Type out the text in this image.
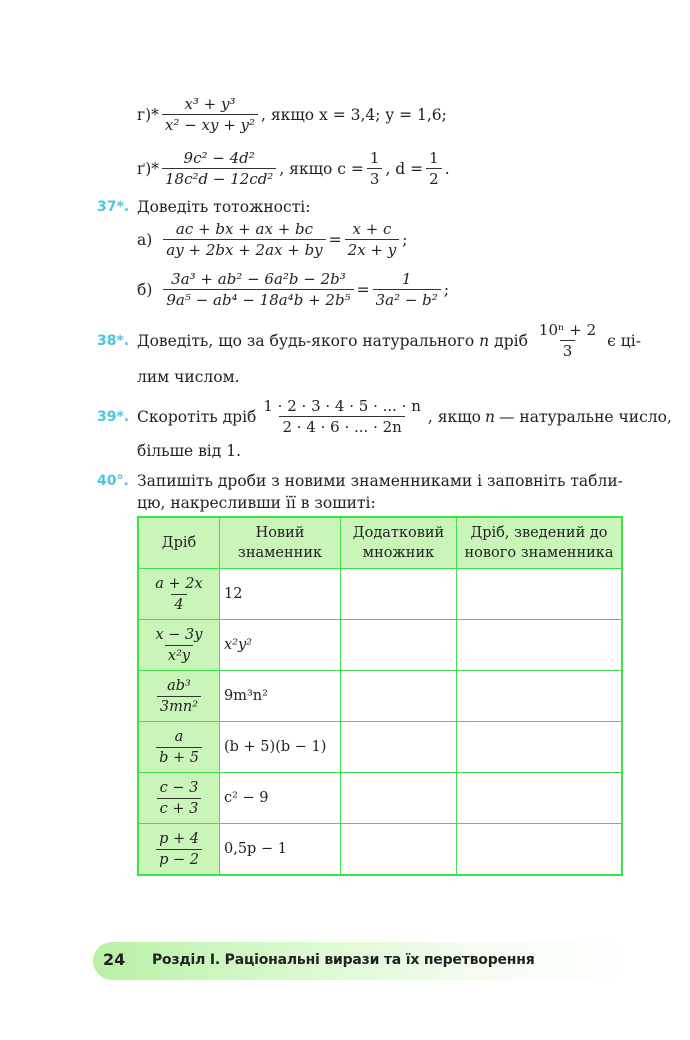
$г)* \frac{\text{x³ + y³}}{\text{x² − xy + y²}}$ , якщо x = 3,4; y = 1,6;
$ґ)* \frac{\text{9c² − 4d²}}{\text{18c²d − 12cd²}}$ , якщо $c = \frac{1}{3}$ , $d = \frac{1}{2}$ .
37*. Доведіть тотожності:
$а) \frac{ac + bx + ax + bc}{ay + 2bx + 2ax + by} = \frac{x + c}{2x + y}$ ;
$б) \frac{\text{3a³ + ab² − 6a²b − 2b³}}{\text{9a⁵ − ab⁴ − 18a⁴b + 2b⁵}} = \frac{1}{\text{3a² − b²}}$ ;
38*. Доведіть, що за будь-якого натурального n дріб $\frac{\text{10ⁿ + 2}}{3}$ є ці-
лим числом.
39*. Скоротіть дріб $\frac{1 \cdot 2 \cdot 3 \cdot 4 \cdot 5 \cdot ... \cdot n}{2 \cdot 4 \cdot 6 \cdot ... \cdot 2n}$ , якщо n — натуральне число,
більше від 1.
40°. Запишіть дроби з новими знаменниками і заповніть табли-
цю, накресливши її в зошиті:
Дріб	Новий знаменник	Додатковий множник	Дріб, зведений до нового знаменника

$\frac{a + 2x}{4}$	12		

$\frac{x - 3y}{\text{x²y}}$	x²y²		

$\frac{\text{ab³}}{\text{3mn²}}$	9m³n²		

$\frac{a}{b + 5}$	(b + 5)(b − 1)		

$\frac{c - 3}{c + 3}$	c² − 9		

$\frac{p + 4}{p - 2}$	0,5p − 1		
24 Розділ I. Раціональні вирази та їх перетворення
